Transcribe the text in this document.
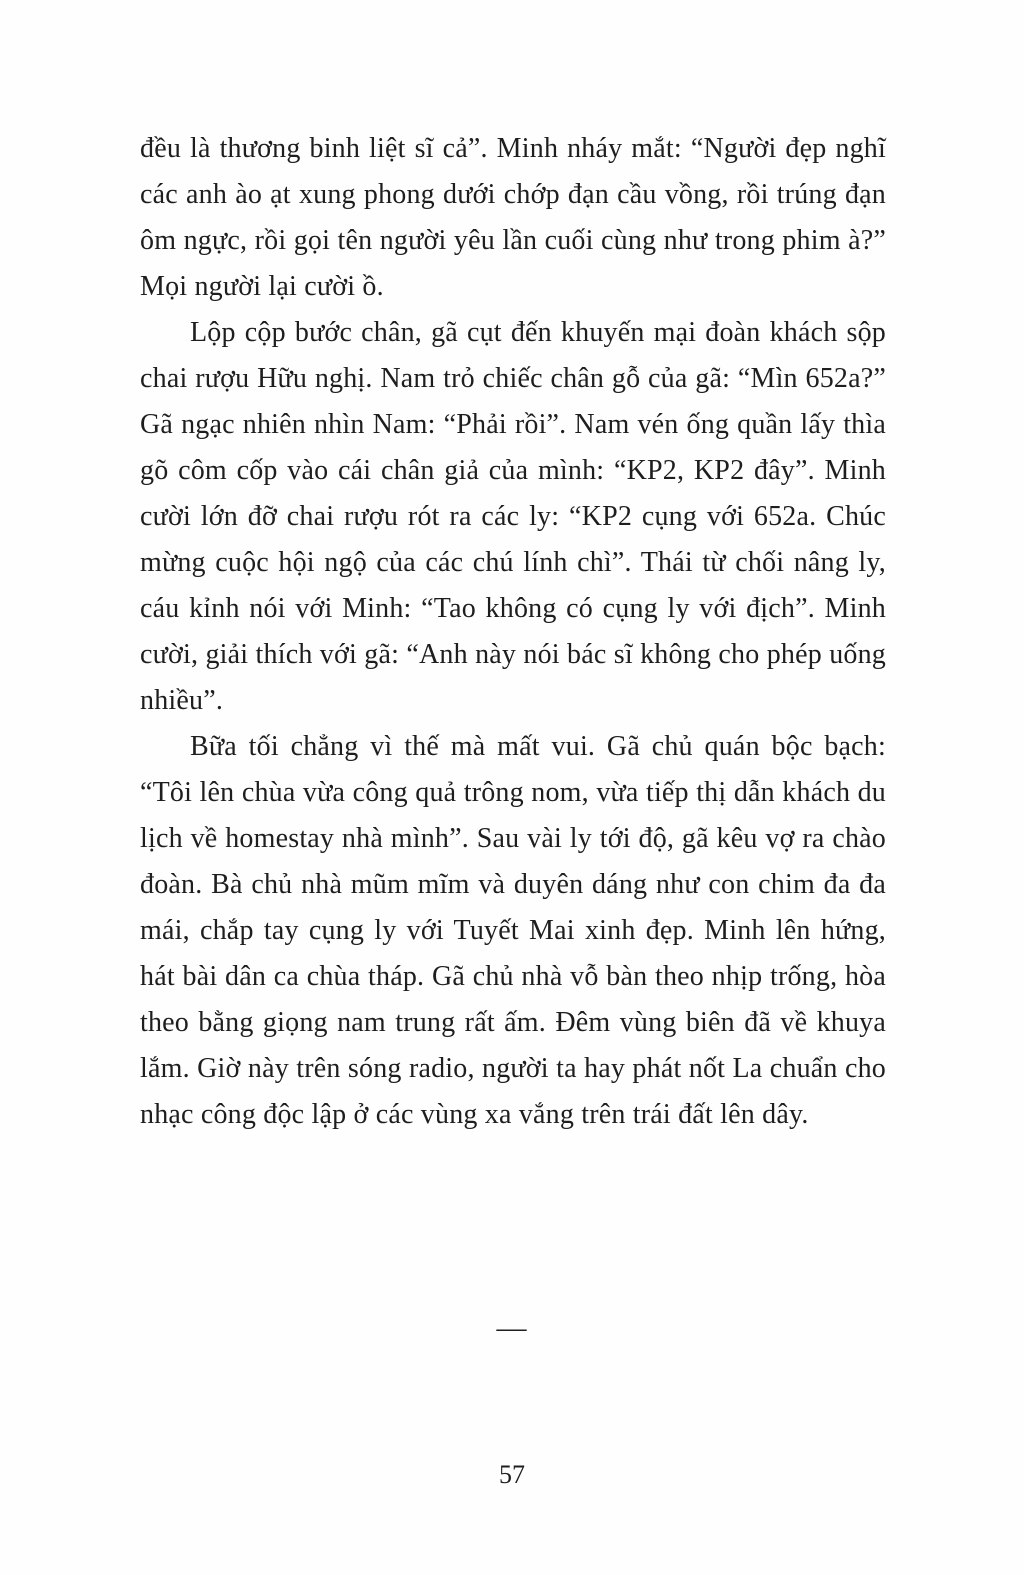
đều là thương binh liệt sĩ cả”. Minh nháy mắt: “Người đẹp nghĩ các anh ào ạt xung phong dưới chớp đạn cầu vồng, rồi trúng đạn ôm ngực, rồi gọi tên người yêu lần cuối cùng như trong phim à?” Mọi người lại cười ồ.

Lộp cộp bước chân, gã cụt đến khuyến mại đoàn khách sộp chai rượu Hữu nghị. Nam trỏ chiếc chân gỗ của gã: “Mìn 652a?” Gã ngạc nhiên nhìn Nam: “Phải rồi”. Nam vén ống quần lấy thìa gõ côm cốp vào cái chân giả của mình: “KP2, KP2 đây”. Minh cười lớn đỡ chai rượu rót ra các ly: “KP2 cụng với 652a. Chúc mừng cuộc hội ngộ của các chú lính chì”. Thái từ chối nâng ly, cáu kỉnh nói với Minh: “Tao không có cụng ly với địch”. Minh cười, giải thích với gã: “Anh này nói bác sĩ không cho phép uống nhiều”.

Bữa tối chẳng vì thế mà mất vui. Gã chủ quán bộc bạch: “Tôi lên chùa vừa công quả trông nom, vừa tiếp thị dẫn khách du lịch về homestay nhà mình”. Sau vài ly tới độ, gã kêu vợ ra chào đoàn. Bà chủ nhà mũm mĩm và duyên dáng như con chim đa đa mái, chắp tay cụng ly với Tuyết Mai xinh đẹp. Minh lên hứng, hát bài dân ca chùa tháp. Gã chủ nhà vỗ bàn theo nhịp trống, hòa theo bằng giọng nam trung rất ấm. Đêm vùng biên đã về khuya lắm. Giờ này trên sóng radio, người ta hay phát nốt La chuẩn cho nhạc công độc lập ở các vùng xa vắng trên trái đất lên dây.

—
57
